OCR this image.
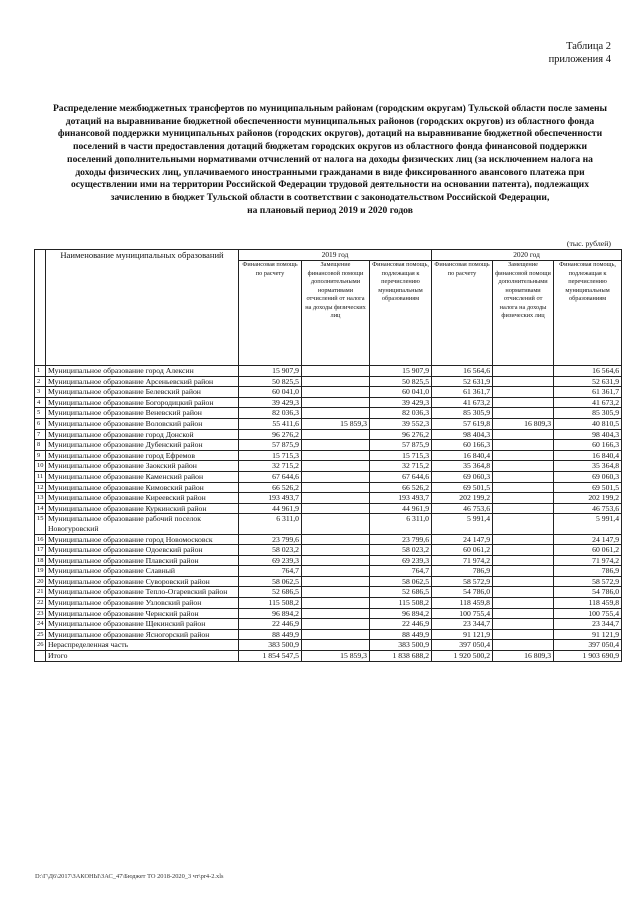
Таблица 2
приложения 4
Распределение межбюджетных трансфертов по муниципальным районам (городским округам) Тульской области после замены
дотаций на выравнивание бюджетной обеспеченности муниципальных районов (городских округов) из областного фонда
финансовой поддержки муниципальных районов (городских округов), дотаций на выравнивание бюджетной обеспеченности
поселений в части предоставления дотаций бюджетам городских округов из областного фонда финансовой поддержки
поселений дополнительными нормативами отчислений от налога на доходы физических лиц (за исключением налога на
доходы физических лиц, уплачиваемого иностранными гражданами в виде фиксированного авансового платежа при
осуществлении ими на территории Российской Федерации трудовой деятельности на основании патента), подлежащих
зачислению в бюджет Тульской области в соответствии с законодательством Российской Федерации,
на плановый период 2019 и 2020 годов
(тыс. рублей)
	Наименование муниципальных образований	2019 год			2020 год		
		Финансовая помощь по расчету	Замещение финансовой помощи дополнительными нормативами отчислений от налога на доходы физических лиц	Финансовая помощь, подлежащая к перечислению муниципальным образованиям	Финансовая помощь по расчету	Замещение финансовой помощи дополнительными нормативами отчислений от налога на доходы физических лиц	Финансовая помощь, подлежащая к перечислению муниципальным образованиям
1	Муниципальное образование город Алексин	15 907,9		15 907,9	16 564,6		16 564,6
2	Муниципальное образование Арсеньевский район	50 825,5		50 825,5	52 631,9		52 631,9
3	Муниципальное образование Белевский район	60 041,0		60 041,0	61 361,7		61 361,7
4	Муниципальное образование Богородицкий район	39 429,3		39 429,3	41 673,2		41 673,2
5	Муниципальное образование Веневский район	82 036,3		82 036,3	85 305,9		85 305,9
6	Муниципальное образование Воловский район	55 411,6	15 859,3	39 552,3	57 619,8	16 809,3	40 810,5
7	Муниципальное образование город Донской	96 276,2		96 276,2	98 404,3		98 404,3
8	Муниципальное образование Дубенский район	57 875,9		57 875,9	60 166,3		60 166,3
9	Муниципальное образование город Ефремов	15 715,3		15 715,3	16 840,4		16 840,4
10	Муниципальное образование Заокский район	32 715,2		32 715,2	35 364,8		35 364,8
11	Муниципальное образование Каменский район	67 644,6		67 644,6	69 060,3		69 060,3
12	Муниципальное образование Кимовский район	66 526,2		66 526,2	69 501,5		69 501,5
13	Муниципальное образование Киреевский район	193 493,7		193 493,7	202 199,2		202 199,2
14	Муниципальное образование Куркинский район	44 961,9		44 961,9	46 753,6		46 753,6
15	Муниципальное образование рабочий поселок Новогуровский	6 311,0		6 311,0	5 991,4		5 991,4
16	Муниципальное образование город Новомосковск	23 799,6		23 799,6	24 147,9		24 147,9
17	Муниципальное образование Одоевский район	58 023,2		58 023,2	60 061,2		60 061,2
18	Муниципальное образование Плавский район	69 239,3		69 239,3	71 974,2		71 974,2
19	Муниципальное образование Славный	764,7		764,7	786,9		786,9
20	Муниципальное образование Суворовский район	58 062,5		58 062,5	58 572,9		58 572,9
21	Муниципальное образование Тепло-Огаревский район	52 686,5		52 686,5	54 786,0		54 786,0
22	Муниципальное образование Узловский район	115 508,2		115 508,2	118 459,8		118 459,8
23	Муниципальное образование Чернский район	96 894,2		96 894,2	100 755,4		100 755,4
24	Муниципальное образование Щекинский район	22 446,9		22 446,9	23 344,7		23 344,7
25	Муниципальное образование Ясногорский район	88 449,9		88 449,9	91 121,9		91 121,9
26	Нераспределенная часть	383 500,9		383 500,9	397 050,4		397 050,4
	Итого	1 854 547,5	15 859,3	1 838 688,2	1 920 500,2	16 809,3	1 903 690,9
D:\Г\Д6\2017\ЗАКОНЫ\ЗАС_47\Бюджет ТО 2018-2020_3 чт\pr4-2.xls
